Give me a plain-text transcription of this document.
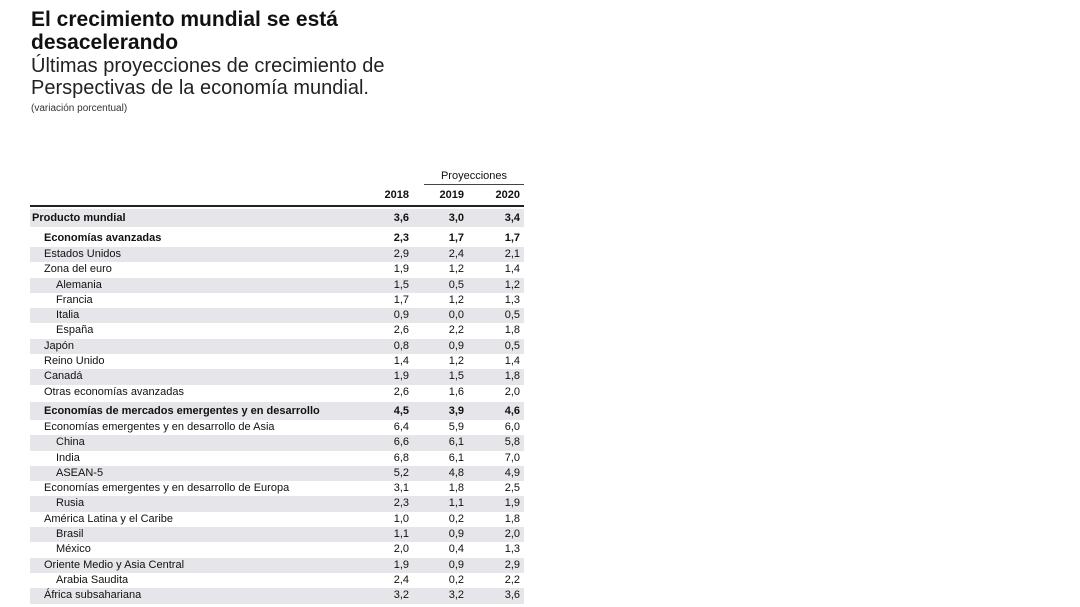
El crecimiento mundial se está desacelerando
Últimas proyecciones de crecimiento de Perspectivas de la economía mundial.
(variación porcentual)
Proyecciones
2018	2019	2020
Producto mundial	3,6	3,0	3,4
Economías avanzadas	2,3	1,7	1,7
Estados Unidos	2,9	2,4	2,1
Zona del euro	1,9	1,2	1,4
Alemania	1,5	0,5	1,2
Francia	1,7	1,2	1,3
Italia	0,9	0,0	0,5
España	2,6	2,2	1,8
Japón	0,8	0,9	0,5
Reino Unido	1,4	1,2	1,4
Canadá	1,9	1,5	1,8
Otras economías avanzadas	2,6	1,6	2,0
Economías de mercados emergentes y en desarrollo	4,5	3,9	4,6
Economías emergentes y en desarrollo de Asia	6,4	5,9	6,0
China	6,6	6,1	5,8
India	6,8	6,1	7,0
ASEAN-5	5,2	4,8	4,9
Economías emergentes y en desarrollo de Europa	3,1	1,8	2,5
Rusia	2,3	1,1	1,9
América Latina y el Caribe	1,0	0,2	1,8
Brasil	1,1	0,9	2,0
México	2,0	0,4	1,3
Oriente Medio y Asia Central	1,9	0,9	2,9
Arabia Saudita	2,4	0,2	2,2
África subsahariana	3,2	3,2	3,6
